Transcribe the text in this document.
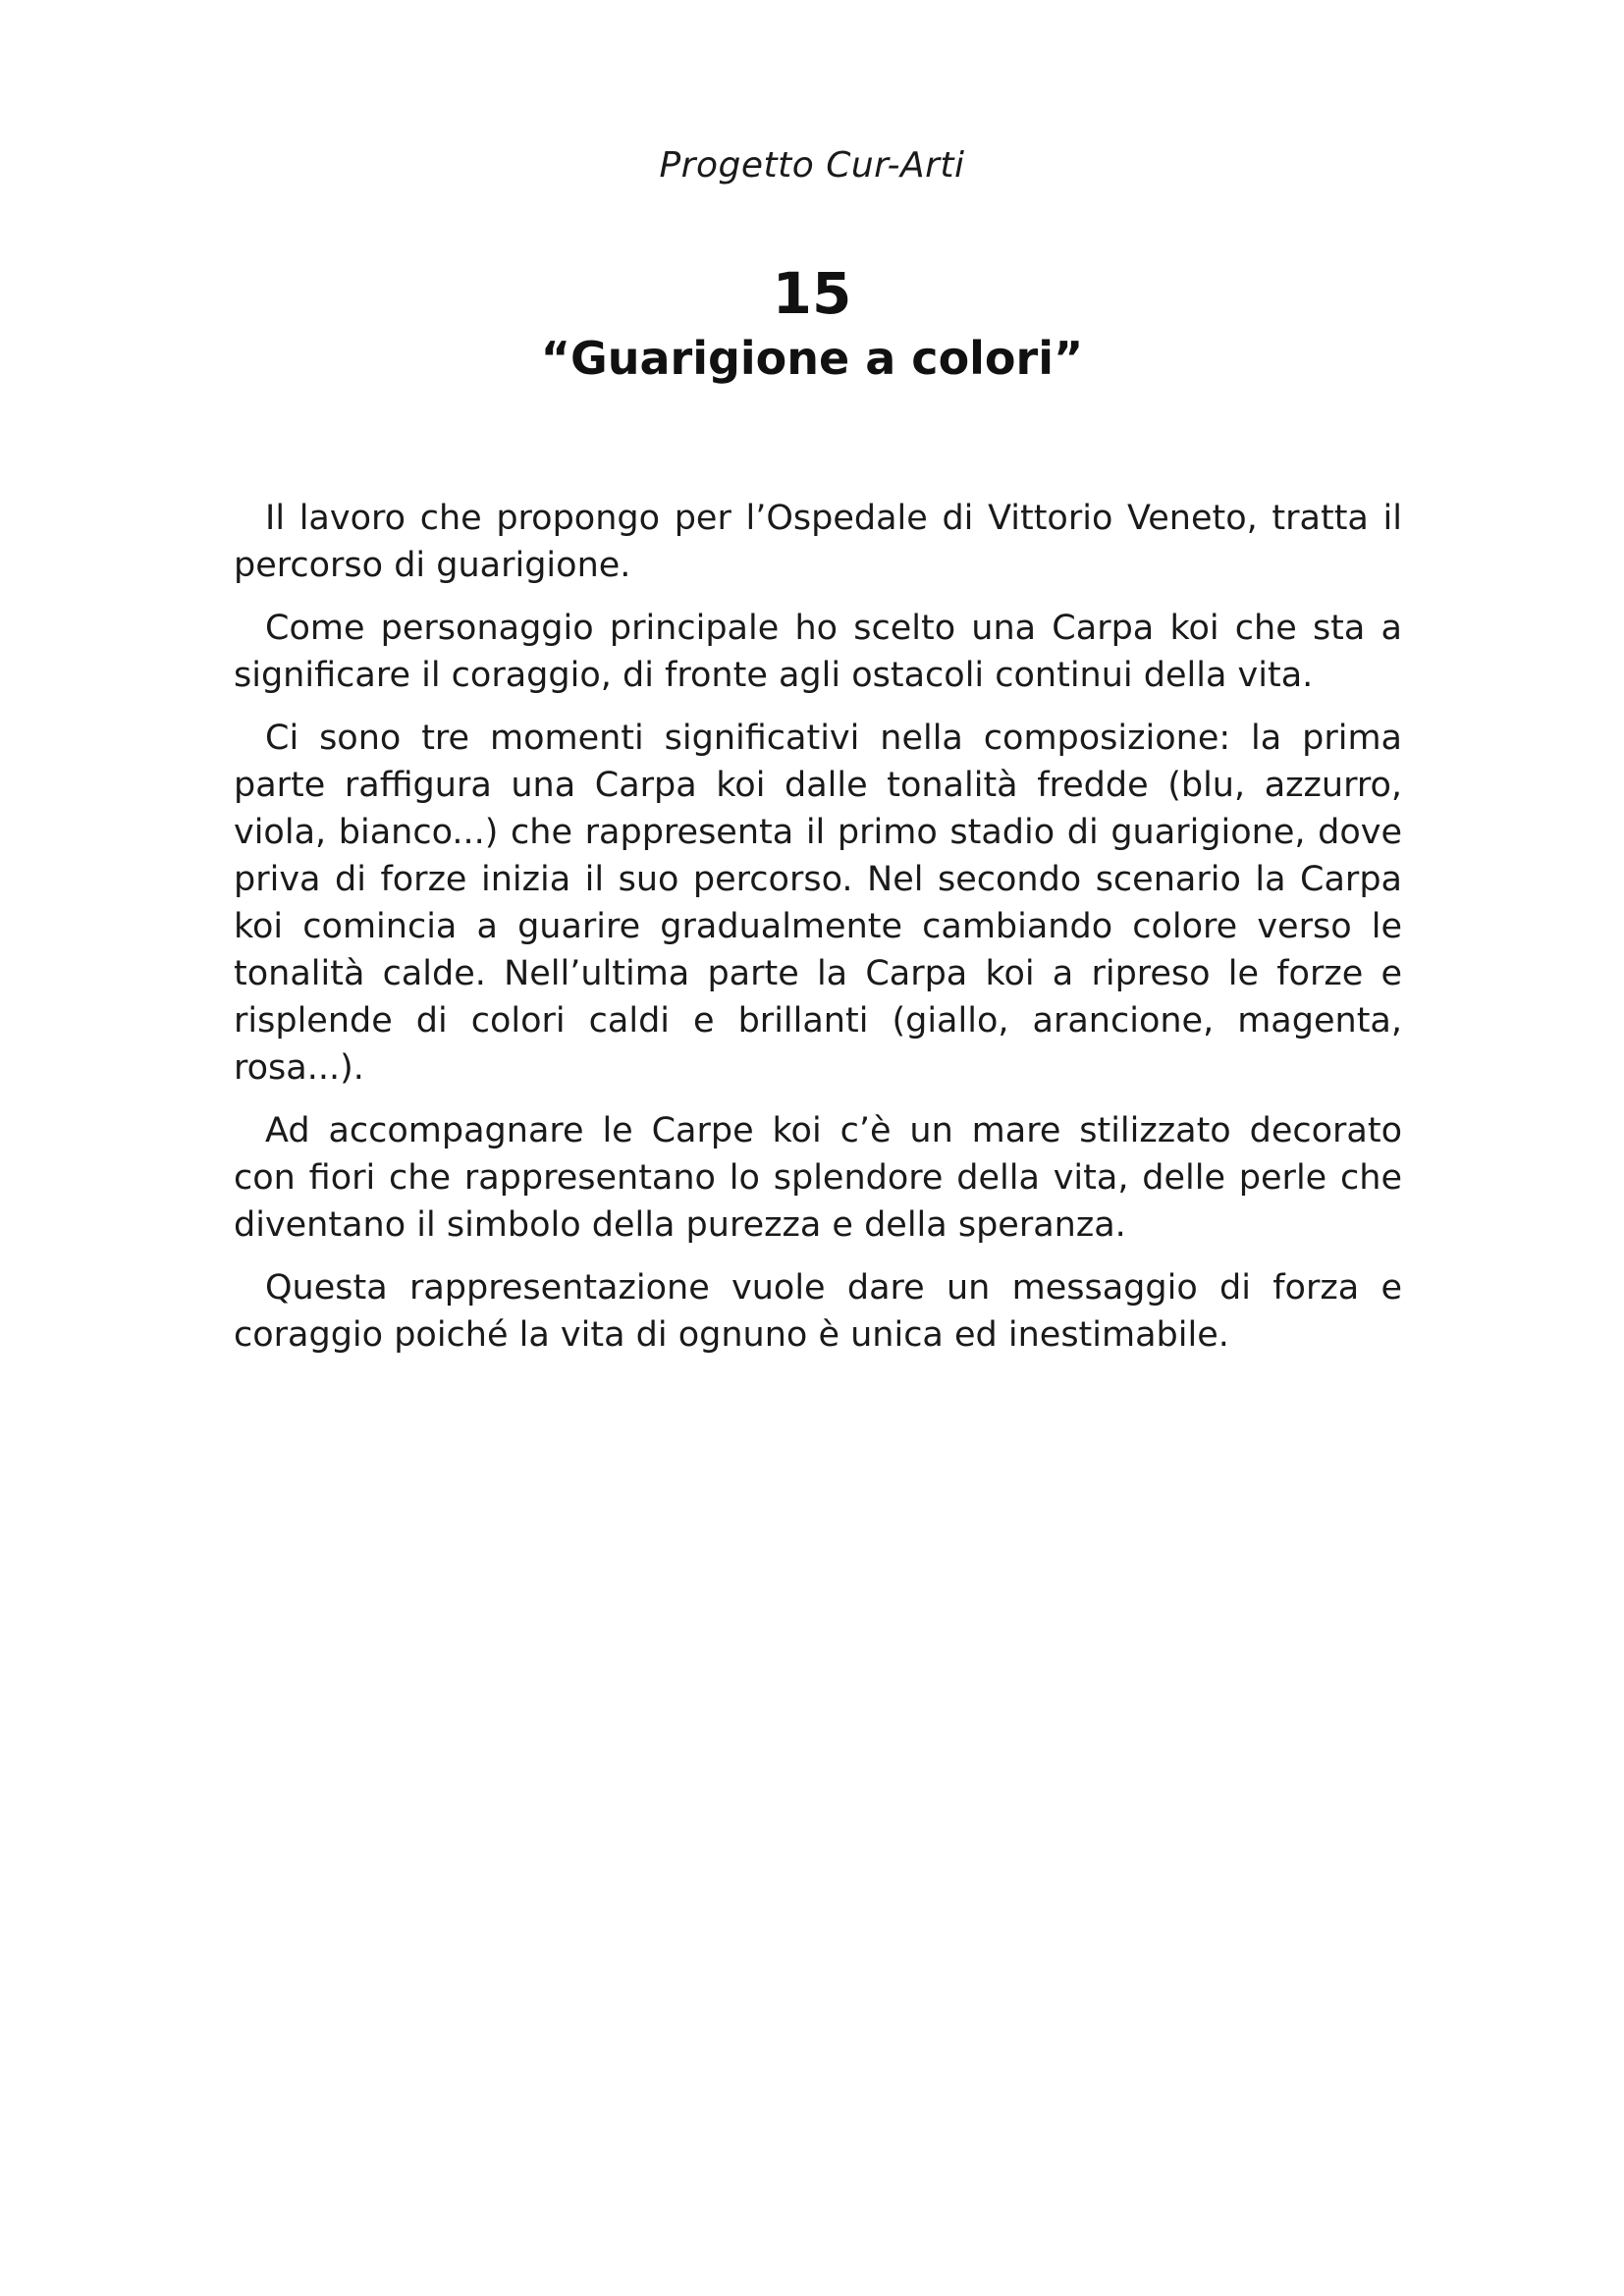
Progetto Cur-Arti
15
“Guarigione a colori”

Il lavoro che propongo per l’Ospedale di Vittorio Veneto, tratta il percorso di guarigione.

Come personaggio principale ho scelto una Carpa koi che sta a significare il coraggio, di fronte agli ostacoli continui della vita.

Ci sono tre momenti significativi nella composizione: la prima parte raffigura una Carpa koi dalle tonalità fredde (blu, azzurro, viola, bianco...) che rappresenta il primo stadio di guarigione, dove priva di forze inizia il suo percorso. Nel secondo scenario la Carpa koi comincia a guarire gradualmente cambiando colore verso le tonalità calde. Nell’ultima parte la Carpa koi a ripreso le forze e risplende di colori caldi e brillanti (giallo, arancione, magenta, rosa...).

Ad accompagnare le Carpe koi c’è un mare stilizzato decorato con fiori che rappresentano lo splendore della vita, delle perle che diventano il simbolo della purezza e della speranza.

Questa rappresentazione vuole dare un messaggio di forza e coraggio poiché la vita di ognuno è unica ed inestimabile.
